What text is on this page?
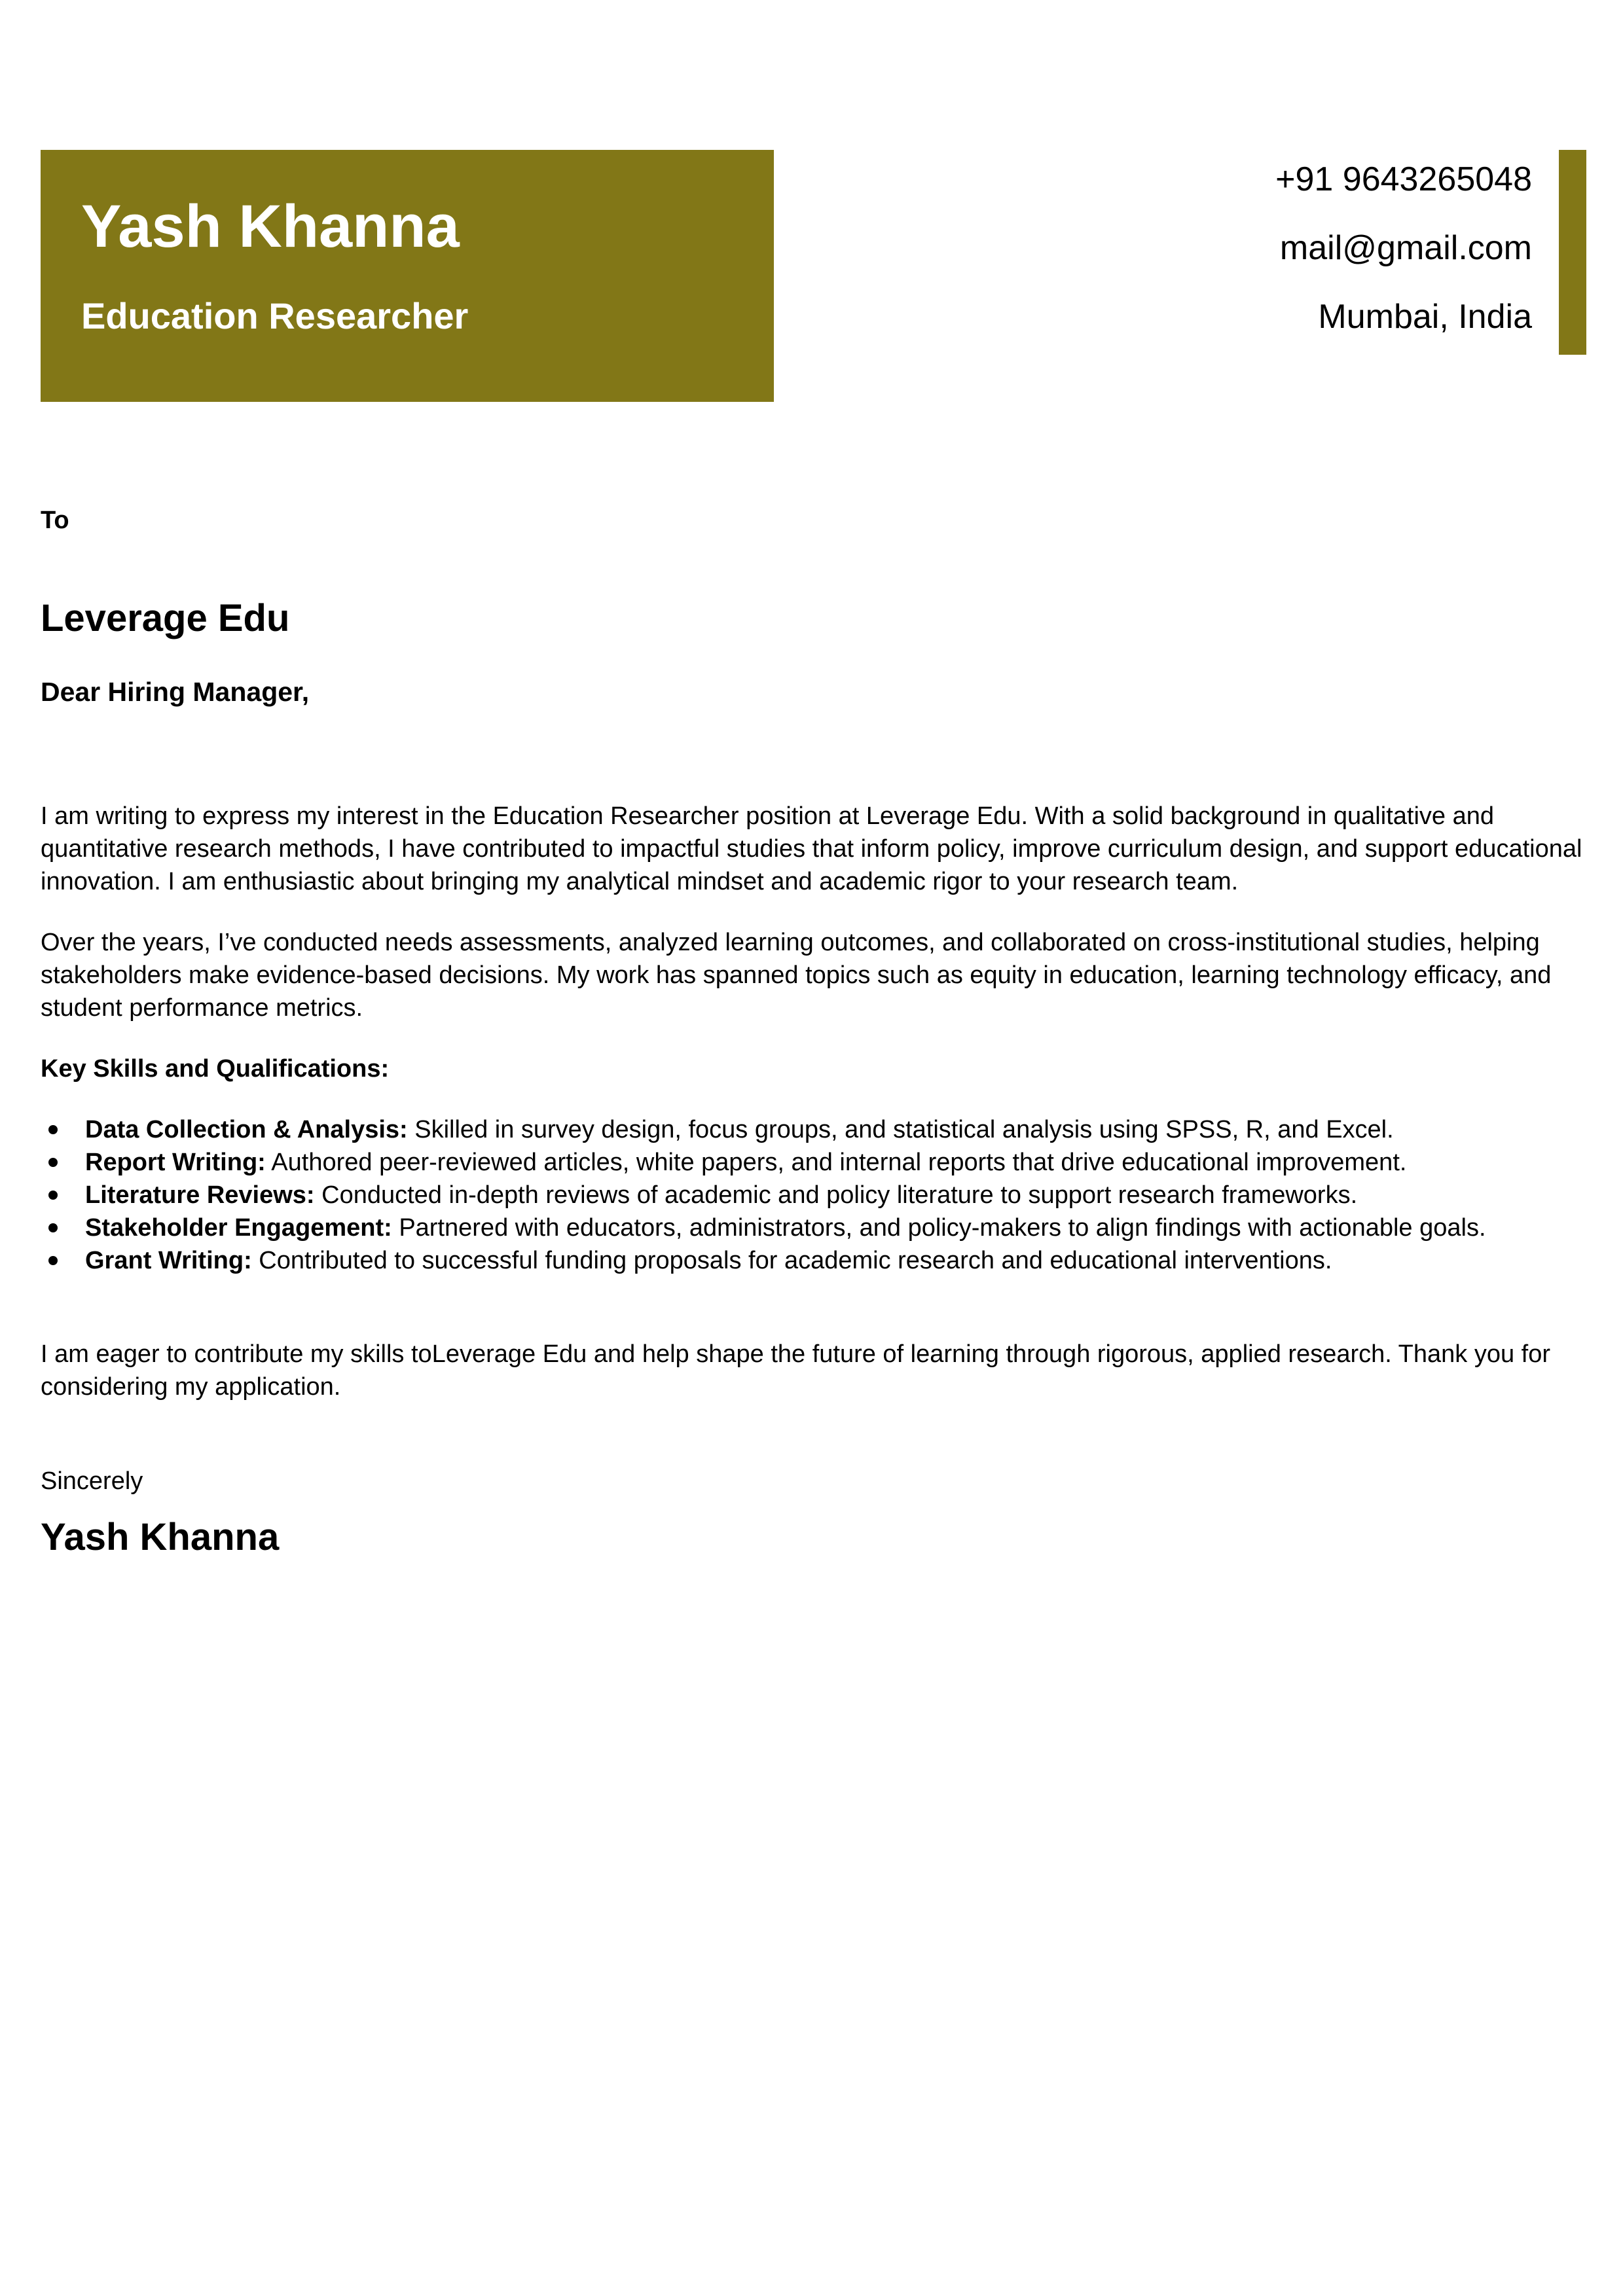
Yash Khanna
Education Researcher
+91 9643265048
mail@gmail.com
Mumbai, India

To

Leverage Edu

Dear Hiring Manager,

I am writing to express my interest in the Education Researcher position at Leverage Edu. With a solid background in qualitative and quantitative research methods, I have contributed to impactful studies that inform policy, improve curriculum design, and support educational innovation. I am enthusiastic about bringing my analytical mindset and academic rigor to your research team.

Over the years, I’ve conducted needs assessments, analyzed learning outcomes, and collaborated on cross-institutional studies, helping stakeholders make evidence-based decisions. My work has spanned topics such as equity in education, learning technology efficacy, and student performance metrics.

Key Skills and Qualifications:

Data Collection & Analysis: Skilled in survey design, focus groups, and statistical analysis using SPSS, R, and Excel.
Report Writing: Authored peer-reviewed articles, white papers, and internal reports that drive educational improvement.
Literature Reviews: Conducted in-depth reviews of academic and policy literature to support research frameworks.
Stakeholder Engagement: Partnered with educators, administrators, and policy-makers to align findings with actionable goals.
Grant Writing: Contributed to successful funding proposals for academic research and educational interventions.

I am eager to contribute my skills toLeverage Edu and help shape the future of learning through rigorous, applied research. Thank you for considering my application.

Sincerely

Yash Khanna
